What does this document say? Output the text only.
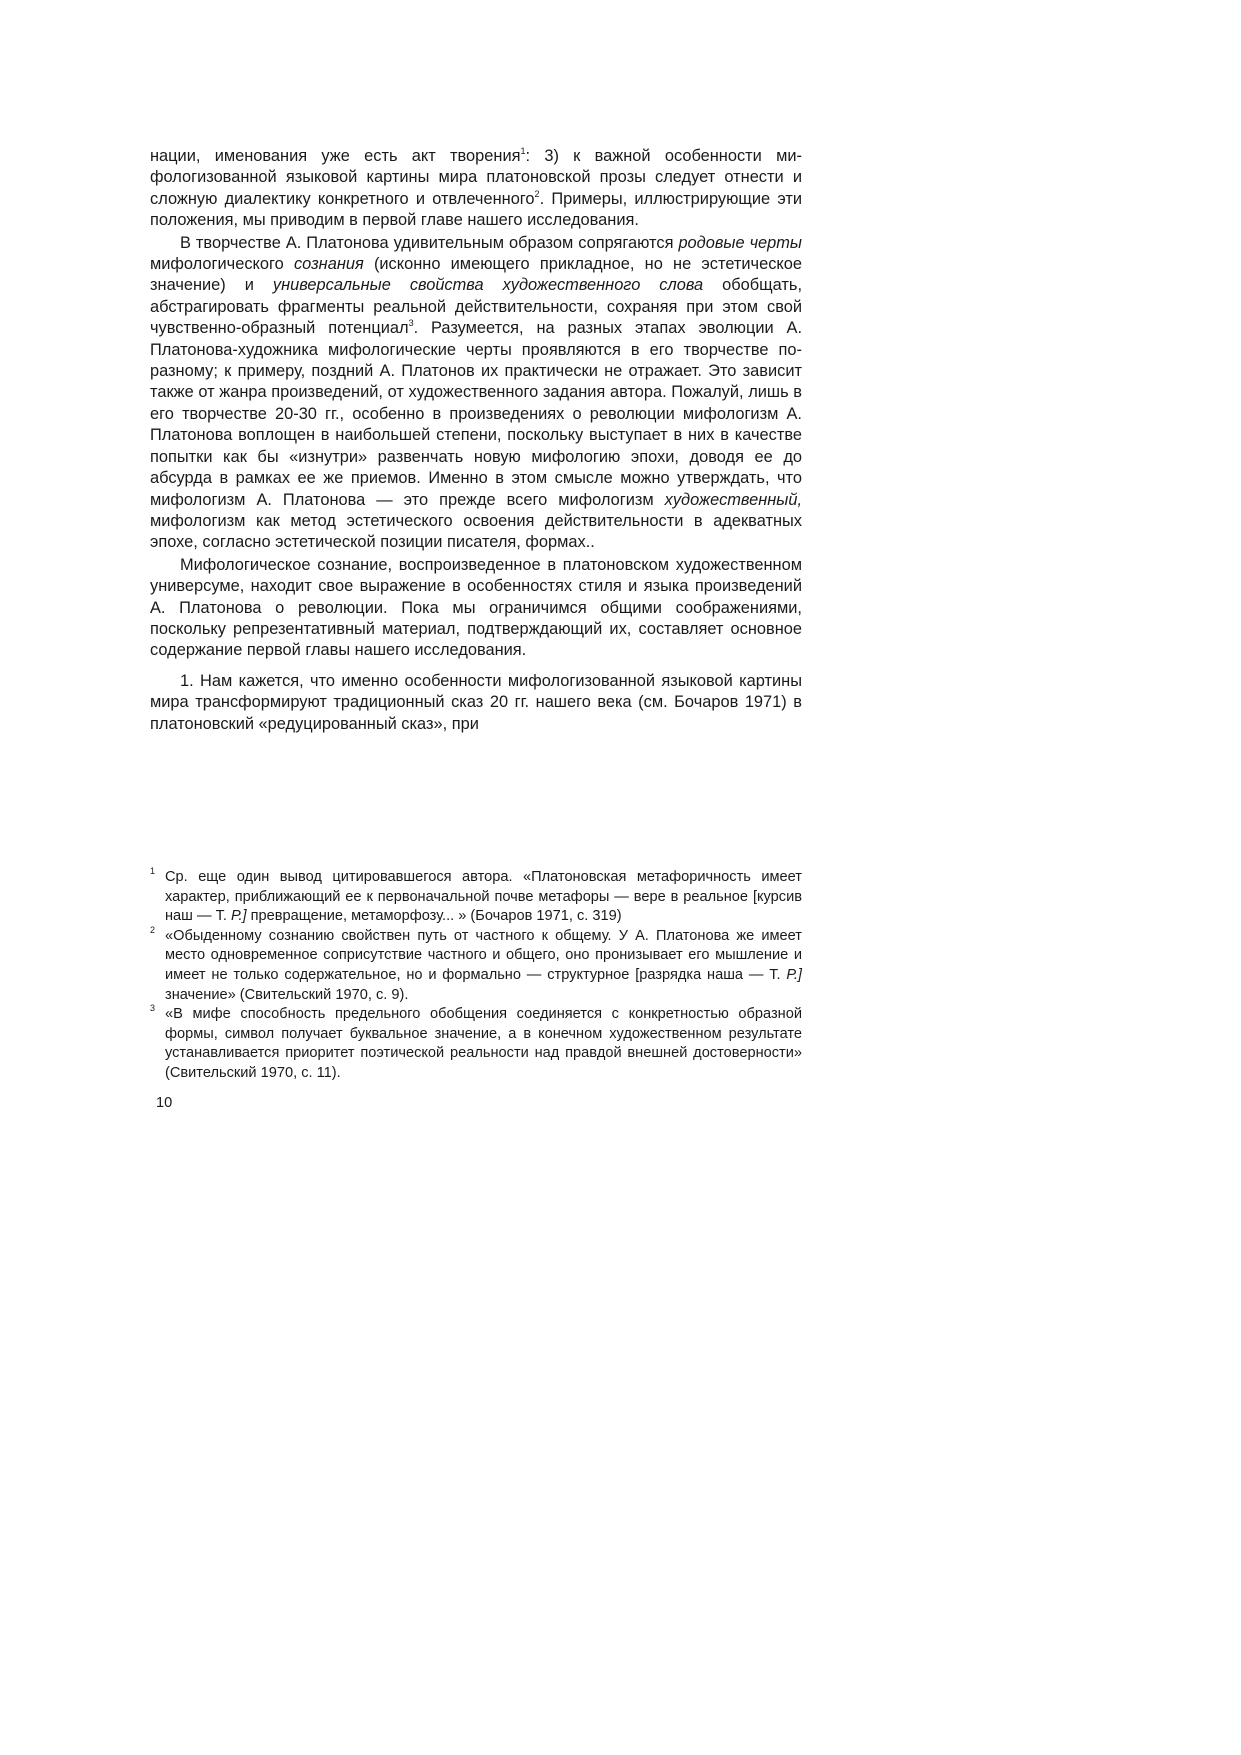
нации, именования уже есть акт творения$^1$: 3) к важной особенности ми-фологизованной языковой картины мира платоновской прозы следует отнести и сложную диалектику конкретного и отвлеченного$^2$. Примеры, иллюстрирующие эти положения, мы приводим в первой главе нашего исследования.

В творчестве А. Платонова удивительным образом сопрягаются родовые черты мифологического сознания (исконно имеющего прикладное, но не эстетическое значение) и универсальные свойства художественного слова обобщать, абстрагировать фрагменты реальной действительности, сохраняя при этом свой чувственно-образный потенциал$^3$. Разумеется, на разных этапах эволюции А. Платонова-художника мифологические черты проявляются в его творчестве по-разному; к примеру, поздний А. Платонов их практически не отражает. Это зависит также от жанра произведений, от художественного задания автора. Пожалуй, лишь в его творчестве 20-30 гг., особенно в произведениях о революции мифологизм А. Платонова воплощен в наибольшей степени, поскольку выступает в них в качестве попытки как бы «изнутри» развенчать новую мифологию эпохи, доводя ее до абсурда в рамках ее же приемов. Именно в этом смысле можно утверждать, что мифологизм А. Платонова — это прежде всего мифологизм художественный, мифологизм как метод эстетического освоения действительности в адекватных эпохе, согласно эстетической позиции писателя, формах..

Мифологическое сознание, воспроизведенное в платоновском художественном универсуме, находит свое выражение в особенностях стиля и языка произведений А. Платонова о революции. Пока мы ограничимся общими соображениями, поскольку репрезентативный материал, подтверждающий их, составляет основное содержание первой главы нашего исследования.

1. Нам кажется, что именно особенности мифологизованной языковой картины мира трансформируют традиционный сказ 20 гг. нашего века (см. Бочаров 1971) в платоновский «редуцированный сказ», при

1 Ср. еще один вывод цитировавшегося автора. «Платоновская метафоричность имеет характер, приближающий ее к первоначальной почве метафоры — вере в реальное [курсив наш — Т. Р.] превращение, метаморфозу... » (Бочаров 1971, с. 319)

2 «Обыденному сознанию свойствен путь от частного к общему. У А. Платонова же имеет место одновременное соприсутствие частного и общего, оно пронизывает его мышление и имеет не только содержательное, но и формально — структурное [разрядка наша — Т. Р.] значение» (Свительский 1970, с. 9).

3 «В мифе способность предельного обобщения соединяется с конкретностью образной формы, символ получает буквальное значение, а в конечном художественном результате устанавливается приоритет поэтической реальности над правдой внешней достоверности» (Свительский 1970, с. 11).

10
